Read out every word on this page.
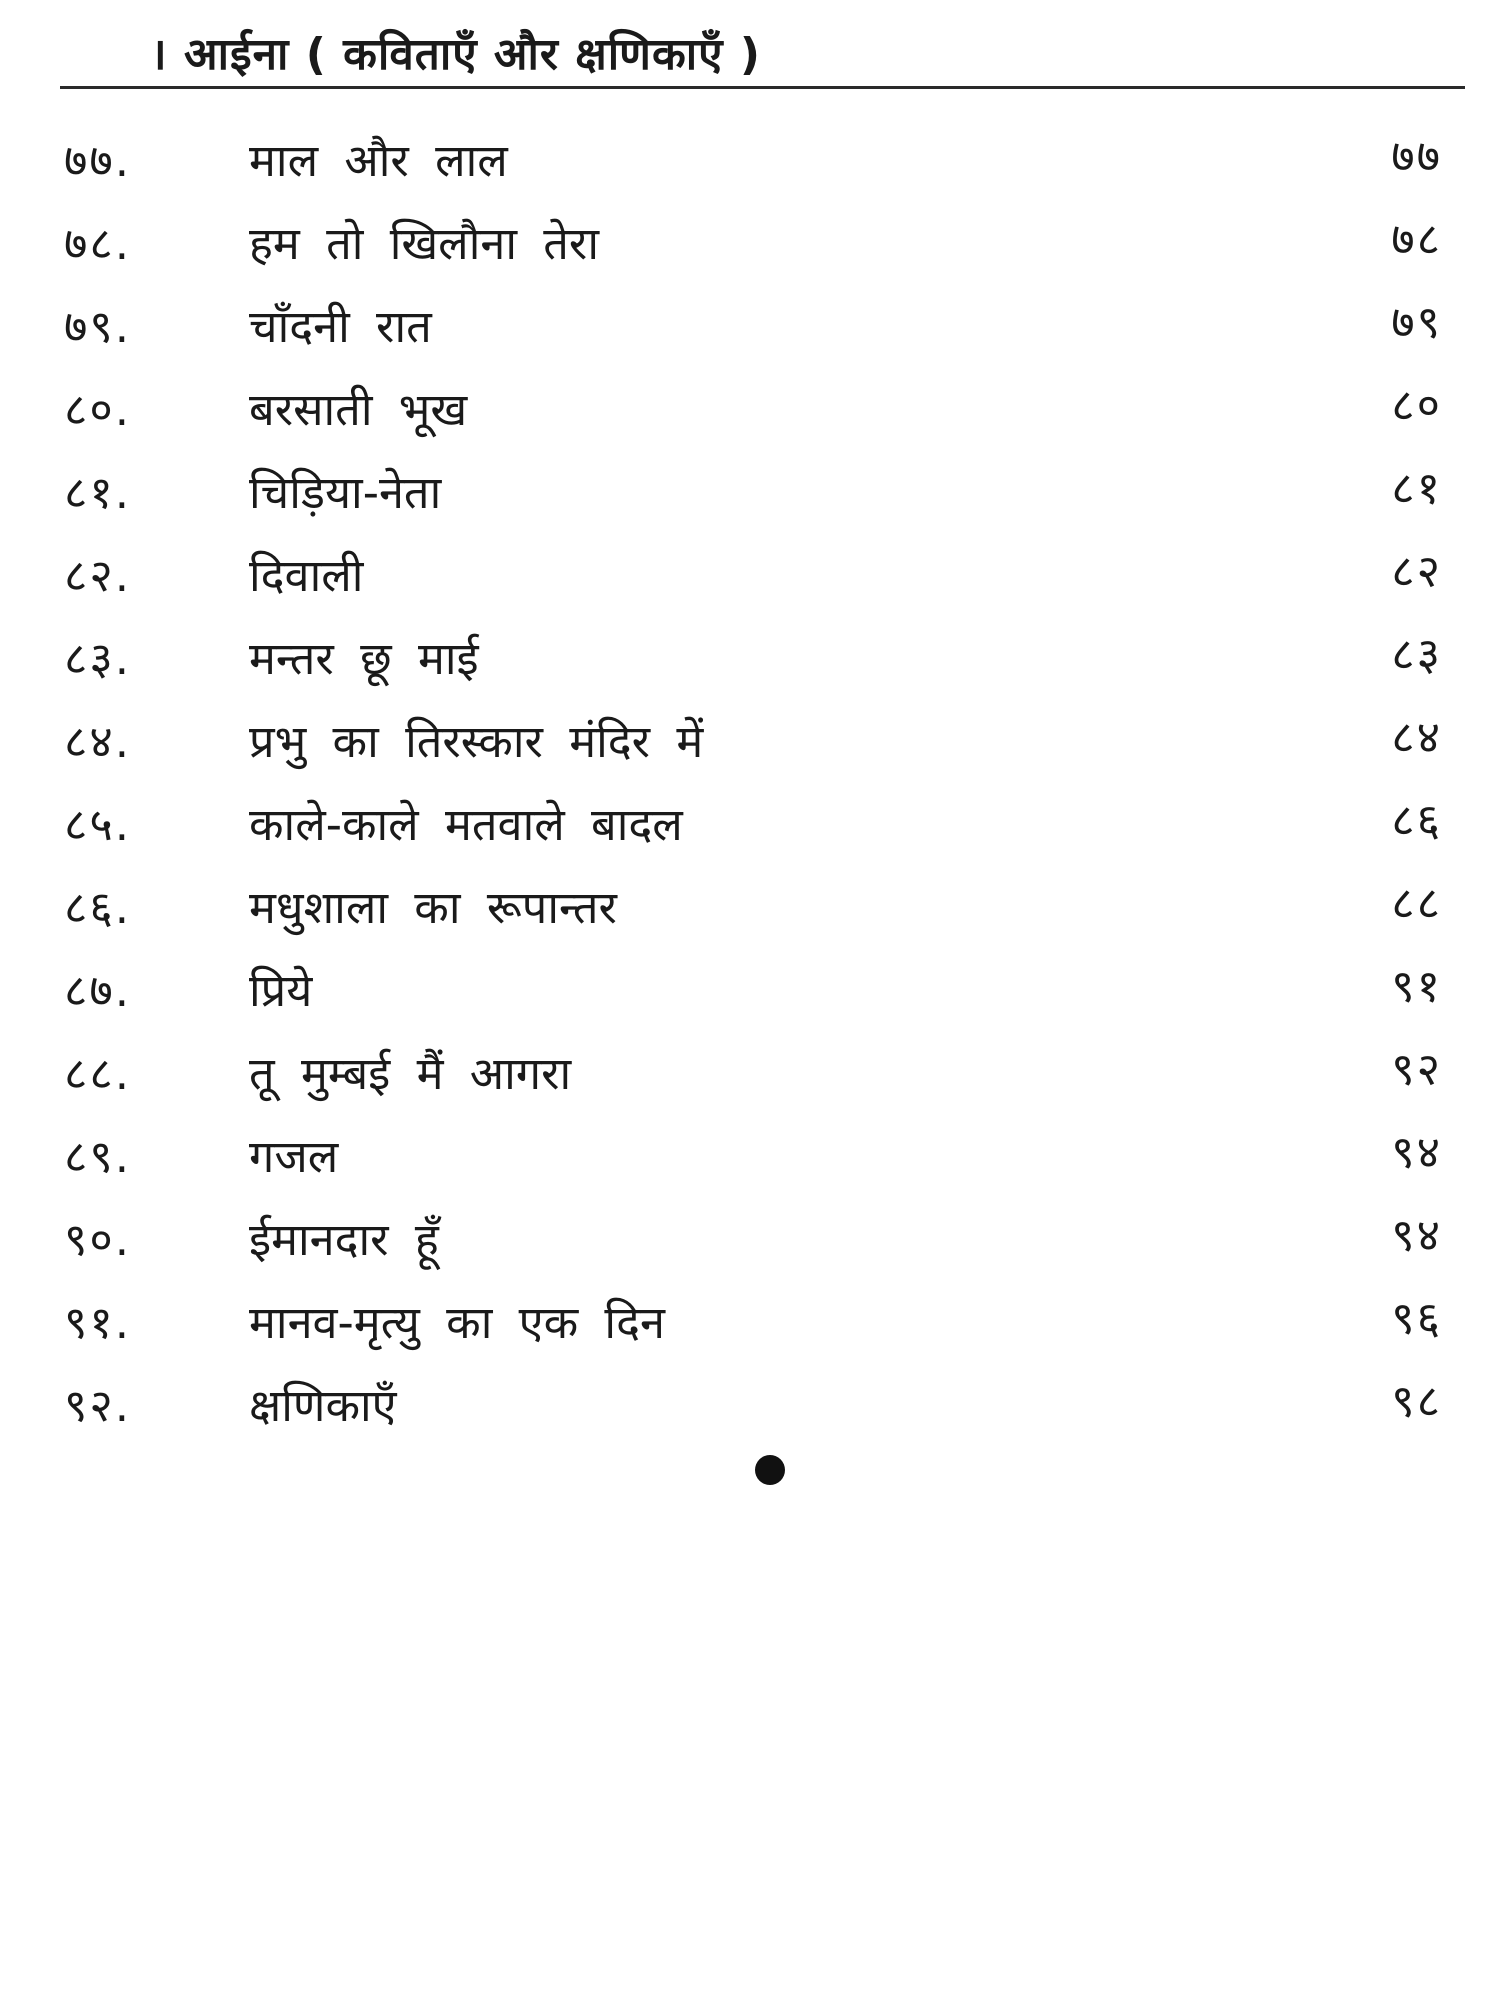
। आईना ( कविताएँ और क्षणिकाएँ )
७७.	माल और लाल	७७
७८.	हम तो खिलौना तेरा	७८
७९.	चाँदनी रात	७९
८०.	बरसाती भूख	८०
८१.	चिड़िया-नेता	८१
८२.	दिवाली	८२
८३.	मन्तर छू माई	८३
८४.	प्रभु का तिरस्कार मंदिर में	८४
८५.	काले-काले मतवाले बादल	८६
८६.	मधुशाला का रूपान्तर	८८
८७.	प्रिये	९१
८८.	तू मुम्बई मैं आगरा	९२
८९.	गजल	९४
९०.	ईमानदार हूँ	९४
९१.	मानव-मृत्यु का एक दिन	९६
९२.	क्षणिकाएँ	९८
